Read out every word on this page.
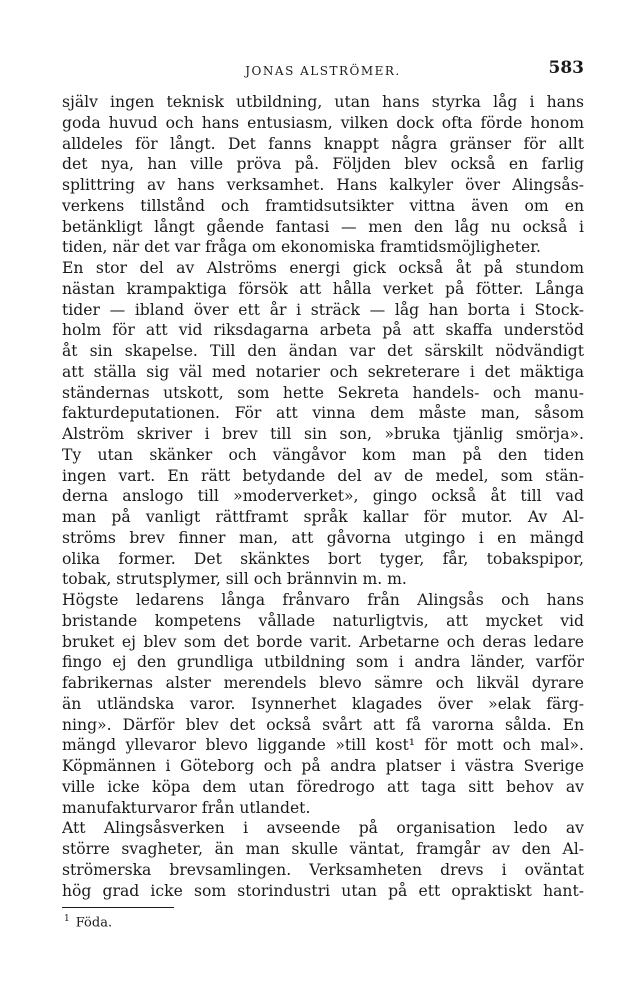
JONAS ALSTRÖMER.	583
själv ingen teknisk utbildning, utan hans styrka låg i hans
goda huvud och hans entusiasm, vilken dock ofta förde honom
alldeles för långt. Det fanns knappt några gränser för allt
det nya, han ville pröva på. Följden blev också en farlig
splittring av hans verksamhet. Hans kalkyler över Alingsås-
verkens tillstånd och framtidsutsikter vittna även om en
betänkligt långt gående fantasi — men den låg nu också i
tiden, när det var fråga om ekonomiska framtidsmöjligheter.
En stor del av Alströms energi gick också åt på stundom
nästan krampaktiga försök att hålla verket på fötter. Långa
tider — ibland över ett år i sträck — låg han borta i Stock-
holm för att vid riksdagarna arbeta på att skaffa understöd
åt sin skapelse. Till den ändan var det särskilt nödvändigt
att ställa sig väl med notarier och sekreterare i det mäktiga
ständernas utskott, som hette Sekreta handels- och manu-
fakturdeputationen. För att vinna dem måste man, såsom
Alström skriver i brev till sin son, »bruka tjänlig smörja».
Ty utan skänker och vängåvor kom man på den tiden
ingen vart. En rätt betydande del av de medel, som stän-
derna anslogo till »moderverket», gingo också åt till vad
man på vanligt rättframt språk kallar för mutor. Av Al-
ströms brev finner man, att gåvorna utgingo i en mängd
olika former. Det skänktes bort tyger, får, tobakspipor,
tobak, strutsplymer, sill och brännvin m. m.
Högste ledarens långa frånvaro från Alingsås och hans
bristande kompetens vållade naturligtvis, att mycket vid
bruket ej blev som det borde varit. Arbetarne och deras ledare
fingo ej den grundliga utbildning som i andra länder, varför
fabrikernas alster merendels blevo sämre och likväl dyrare
än utländska varor. Isynnerhet klagades över »elak färg-
ning». Därför blev det också svårt att få varorna sålda. En
mängd yllevaror blevo liggande »till kost¹ för mott och mal».
Köpmännen i Göteborg och på andra platser i västra Sverige
ville icke köpa dem utan föredrogo att taga sitt behov av
manufakturvaror från utlandet.
Att Alingsåsverken i avseende på organisation ledo av
större svagheter, än man skulle väntat, framgår av den Al-
strömerska brevsamlingen. Verksamheten drevs i oväntat
hög grad icke som storindustri utan på ett opraktiskt hant-
$^1$ Föda.
